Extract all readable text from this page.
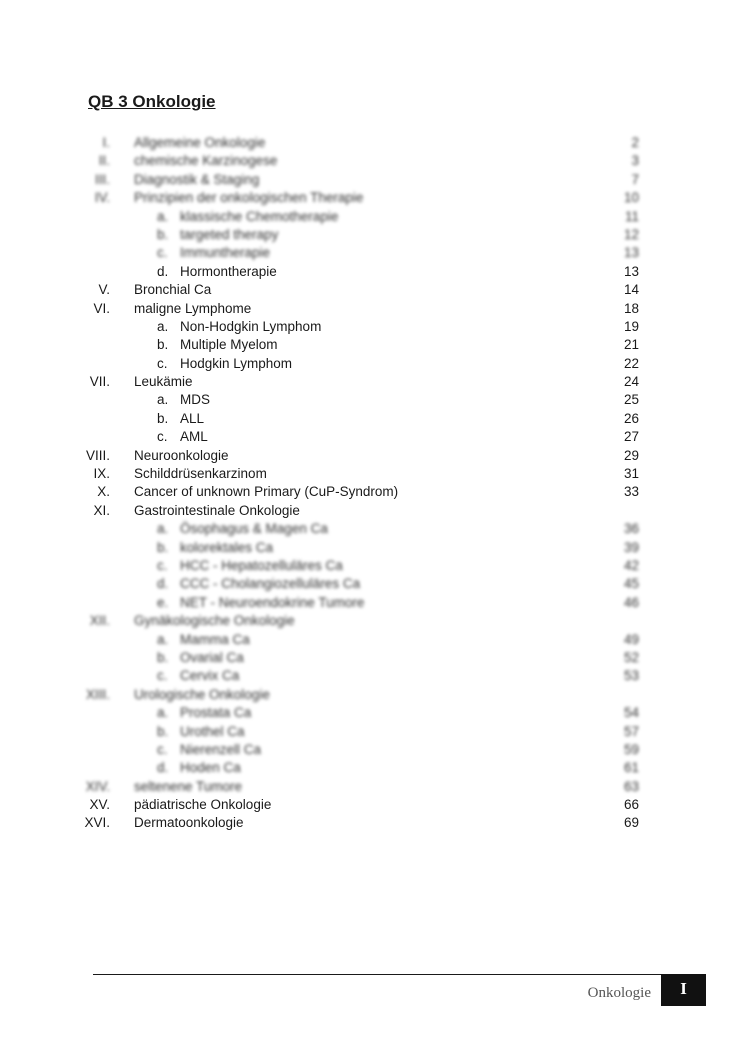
QB 3 Onkologie
I. Allgemeine Onkologie	2
II. chemische Karzinogese	3
III. Diagnostik & Staging	7
IV. Prinzipien der onkologischen Therapie	10
a. klassische Chemotherapie	11
b. targeted therapy	12
c. Immuntherapie	13
d. Hormontherapie	13
V. Bronchial Ca	14
VI. maligne Lymphome	18
a. Non-Hodgkin Lymphom	19
b. Multiple Myelom	21
c. Hodgkin Lymphom	22
VII. Leukämie	24
a. MDS	25
b. ALL	26
c. AML	27
VIII. Neuroonkologie	29
IX. Schilddrüsenkarzinom	31
X. Cancer of unknown Primary (CuP-Syndrom)	33
XI. Gastrointestinale Onkologie
a. Ösophagus & Magen Ca	36
b. kolorektales Ca	39
c. HCC - Hepatozelluläres Ca	42
d. CCC - Cholangiozelluläres Ca	45
e. NET - Neuroendokrine Tumore	46
XII. Gynäkologische Onkologie
a. Mamma Ca	49
b. Ovarial Ca	52
c. Cervix Ca	53
XIII. Urologische Onkologie
a. Prostata Ca	54
b. Urothel Ca	57
c. Nierenzell Ca	59
d. Hoden Ca	61
XIV. seltenene Tumore	63
XV. pädiatrische Onkologie	66
XVI. Dermatoonkologie	69
Onkologie	I
